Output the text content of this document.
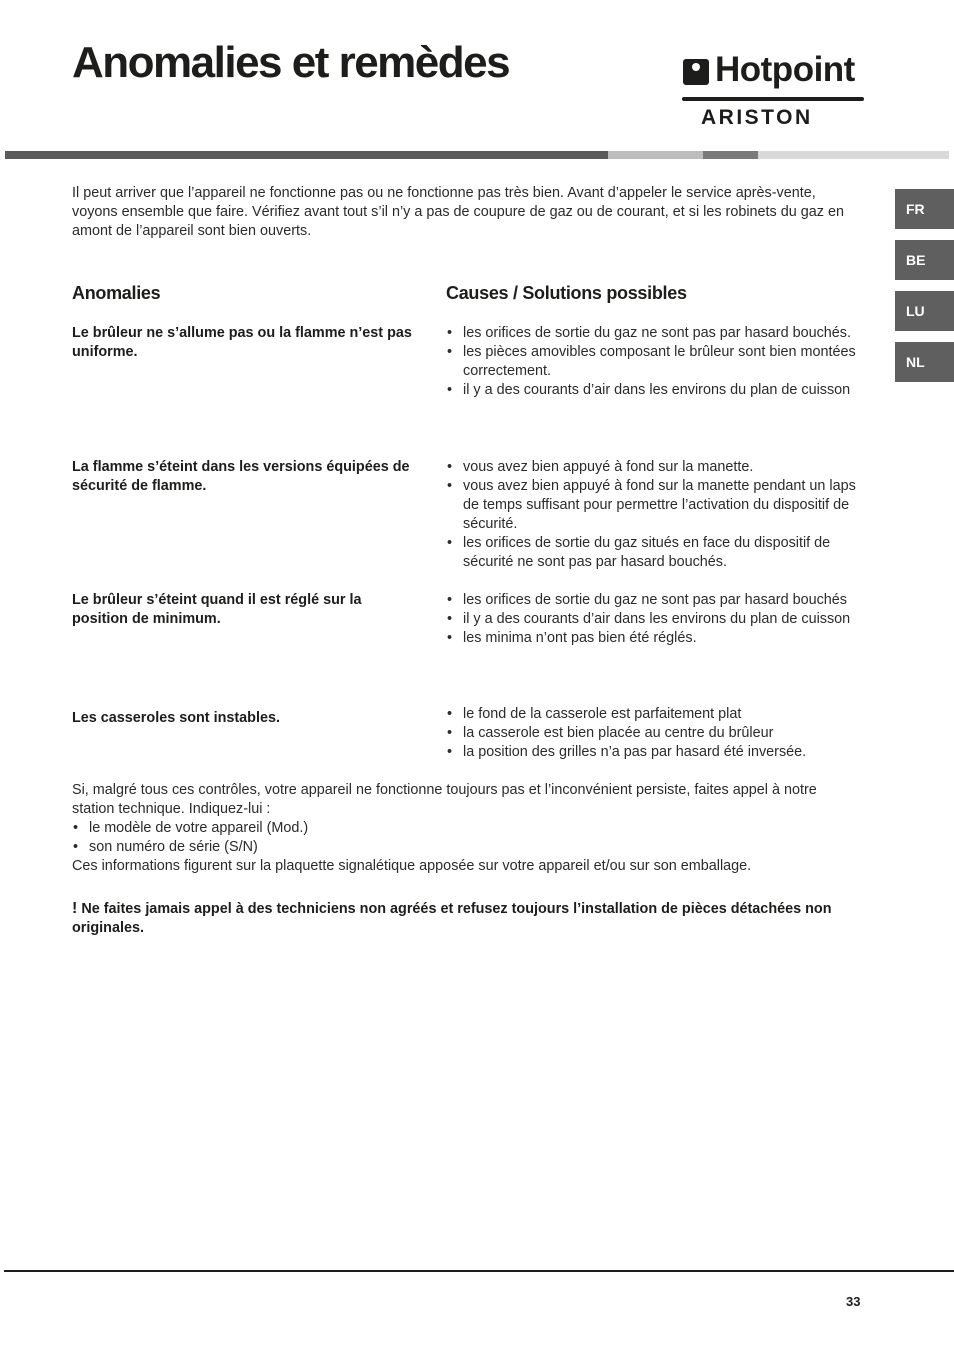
Anomalies et remèdes	Hotpoint
ARISTON
FR
BE
LU
NL

Il peut arriver que l’appareil ne fonctionne pas ou ne fonctionne pas très bien. Avant d’appeler le service après-vente, voyons ensemble que faire. Vérifiez avant tout s’il n’y a pas de coupure de gaz ou de courant, et si les robinets du gaz en amont de l’appareil sont bien ouverts.

Anomalies	Causes / Solutions possibles

Le brûleur ne s’allume pas ou la flamme n’est pas uniforme.

• les orifices de sortie du gaz ne sont pas par hasard bouchés.
• les pièces amovibles composant le brûleur sont bien montées correctement.
• il y a des courants d’air dans les environs du plan de cuisson

La flamme s’éteint dans les versions équipées de sécurité de flamme.

• vous avez bien appuyé à fond sur la manette.
• vous avez bien appuyé à fond sur la manette pendant un laps de temps suffisant pour permettre l’activation du dispositif de sécurité.
• les orifices de sortie du gaz situés en face du dispositif de sécurité ne sont pas par hasard bouchés.

Le brûleur s’éteint quand il est réglé sur la position de minimum.

• les orifices de sortie du gaz ne sont pas par hasard bouchés
• il y a des courants d’air dans les environs du plan de cuisson
• les minima n’ont pas bien été réglés.

Les casseroles sont instables.

•	le fond de la casserole est parfaitement plat
• la casserole est bien placée au centre du brûleur
• la position des grilles n’a pas par hasard été inversée.
Si, malgré tous ces contrôles, votre appareil ne fonctionne toujours pas et l’inconvénient persiste, faites appel à notre station technique. Indiquez-lui :
• le modèle de votre appareil (Mod.)
• son numéro de série (S/N)
Ces informations figurent sur la plaquette signalétique apposée sur votre appareil et/ou sur son emballage.

! Ne faites jamais appel à des techniciens non agréés et refusez toujours l’installation de pièces détachées non originales.

33
